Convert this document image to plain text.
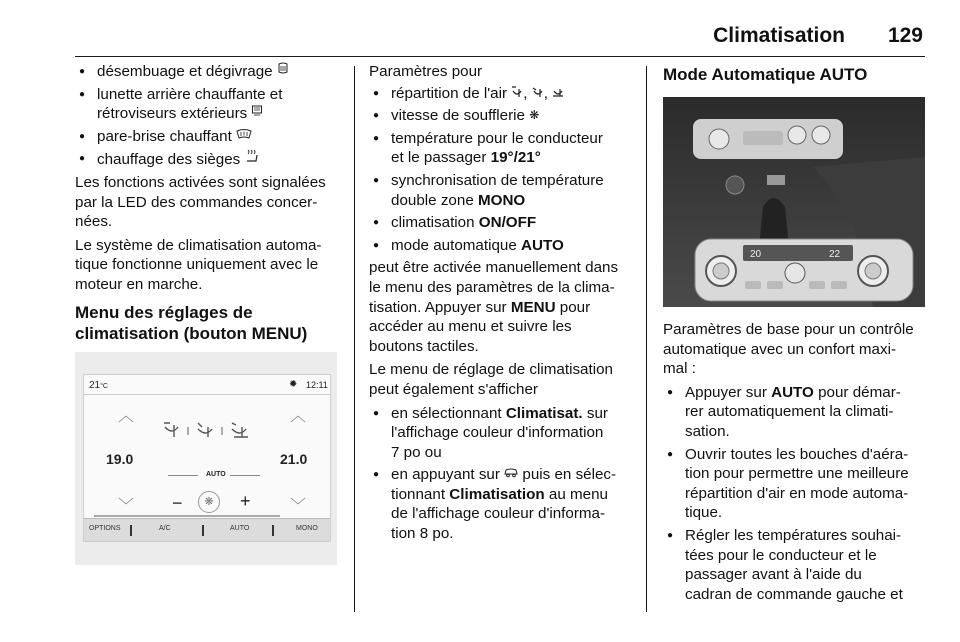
Climatisation 129
● désembuage et dégivrage
● lunette arrière chauffante et
rétroviseurs extérieurs
● pare-brise chauffant
● chauffage des sièges
Les fonctions activées sont signalées
par la LED des commandes concer-
nées.
Le système de climatisation automa-
tique fonctionne uniquement avec le
moteur en marche.
Menu des réglages de
climatisation (bouton MENU)
21°C	✹ 12:11
︿	︿
19.0	21.0
﹀	﹀
AUTO
−	❋	+
OPTIONS	A/C	AUTO	MONO
Paramètres pour
● répartition de l'air , ,
● vitesse de soufflerie ❋
● température pour le conducteur
et le passager 19°/21°
● synchronisation de température
double zone MONO
● climatisation ON/OFF
● mode automatique AUTO
peut être activée manuellement dans
le menu des paramètres de la clima-
tisation. Appuyer sur MENU pour
accéder au menu et suivre les
boutons tactiles.
Le menu de réglage de climatisation
peut également s'afficher
● en sélectionnant Climatisat. sur
l'affichage couleur d'information
7 po ou
● en appuyant sur  puis en sélec-
tionnant Climatisation au menu
de l'affichage couleur d'informa-
tion 8 po.
Mode Automatique AUTO
20	22
Paramètres de base pour un contrôle
automatique avec un confort maxi-
mal :
● Appuyer sur AUTO pour démar-
rer automatiquement la climati-
sation.
● Ouvrir toutes les bouches d'aéra-
tion pour permettre une meilleure
répartition d'air en mode automa-
tique.
● Régler les températures souhai-
tées pour le conducteur et le
passager avant à l'aide du
cadran de commande gauche et
